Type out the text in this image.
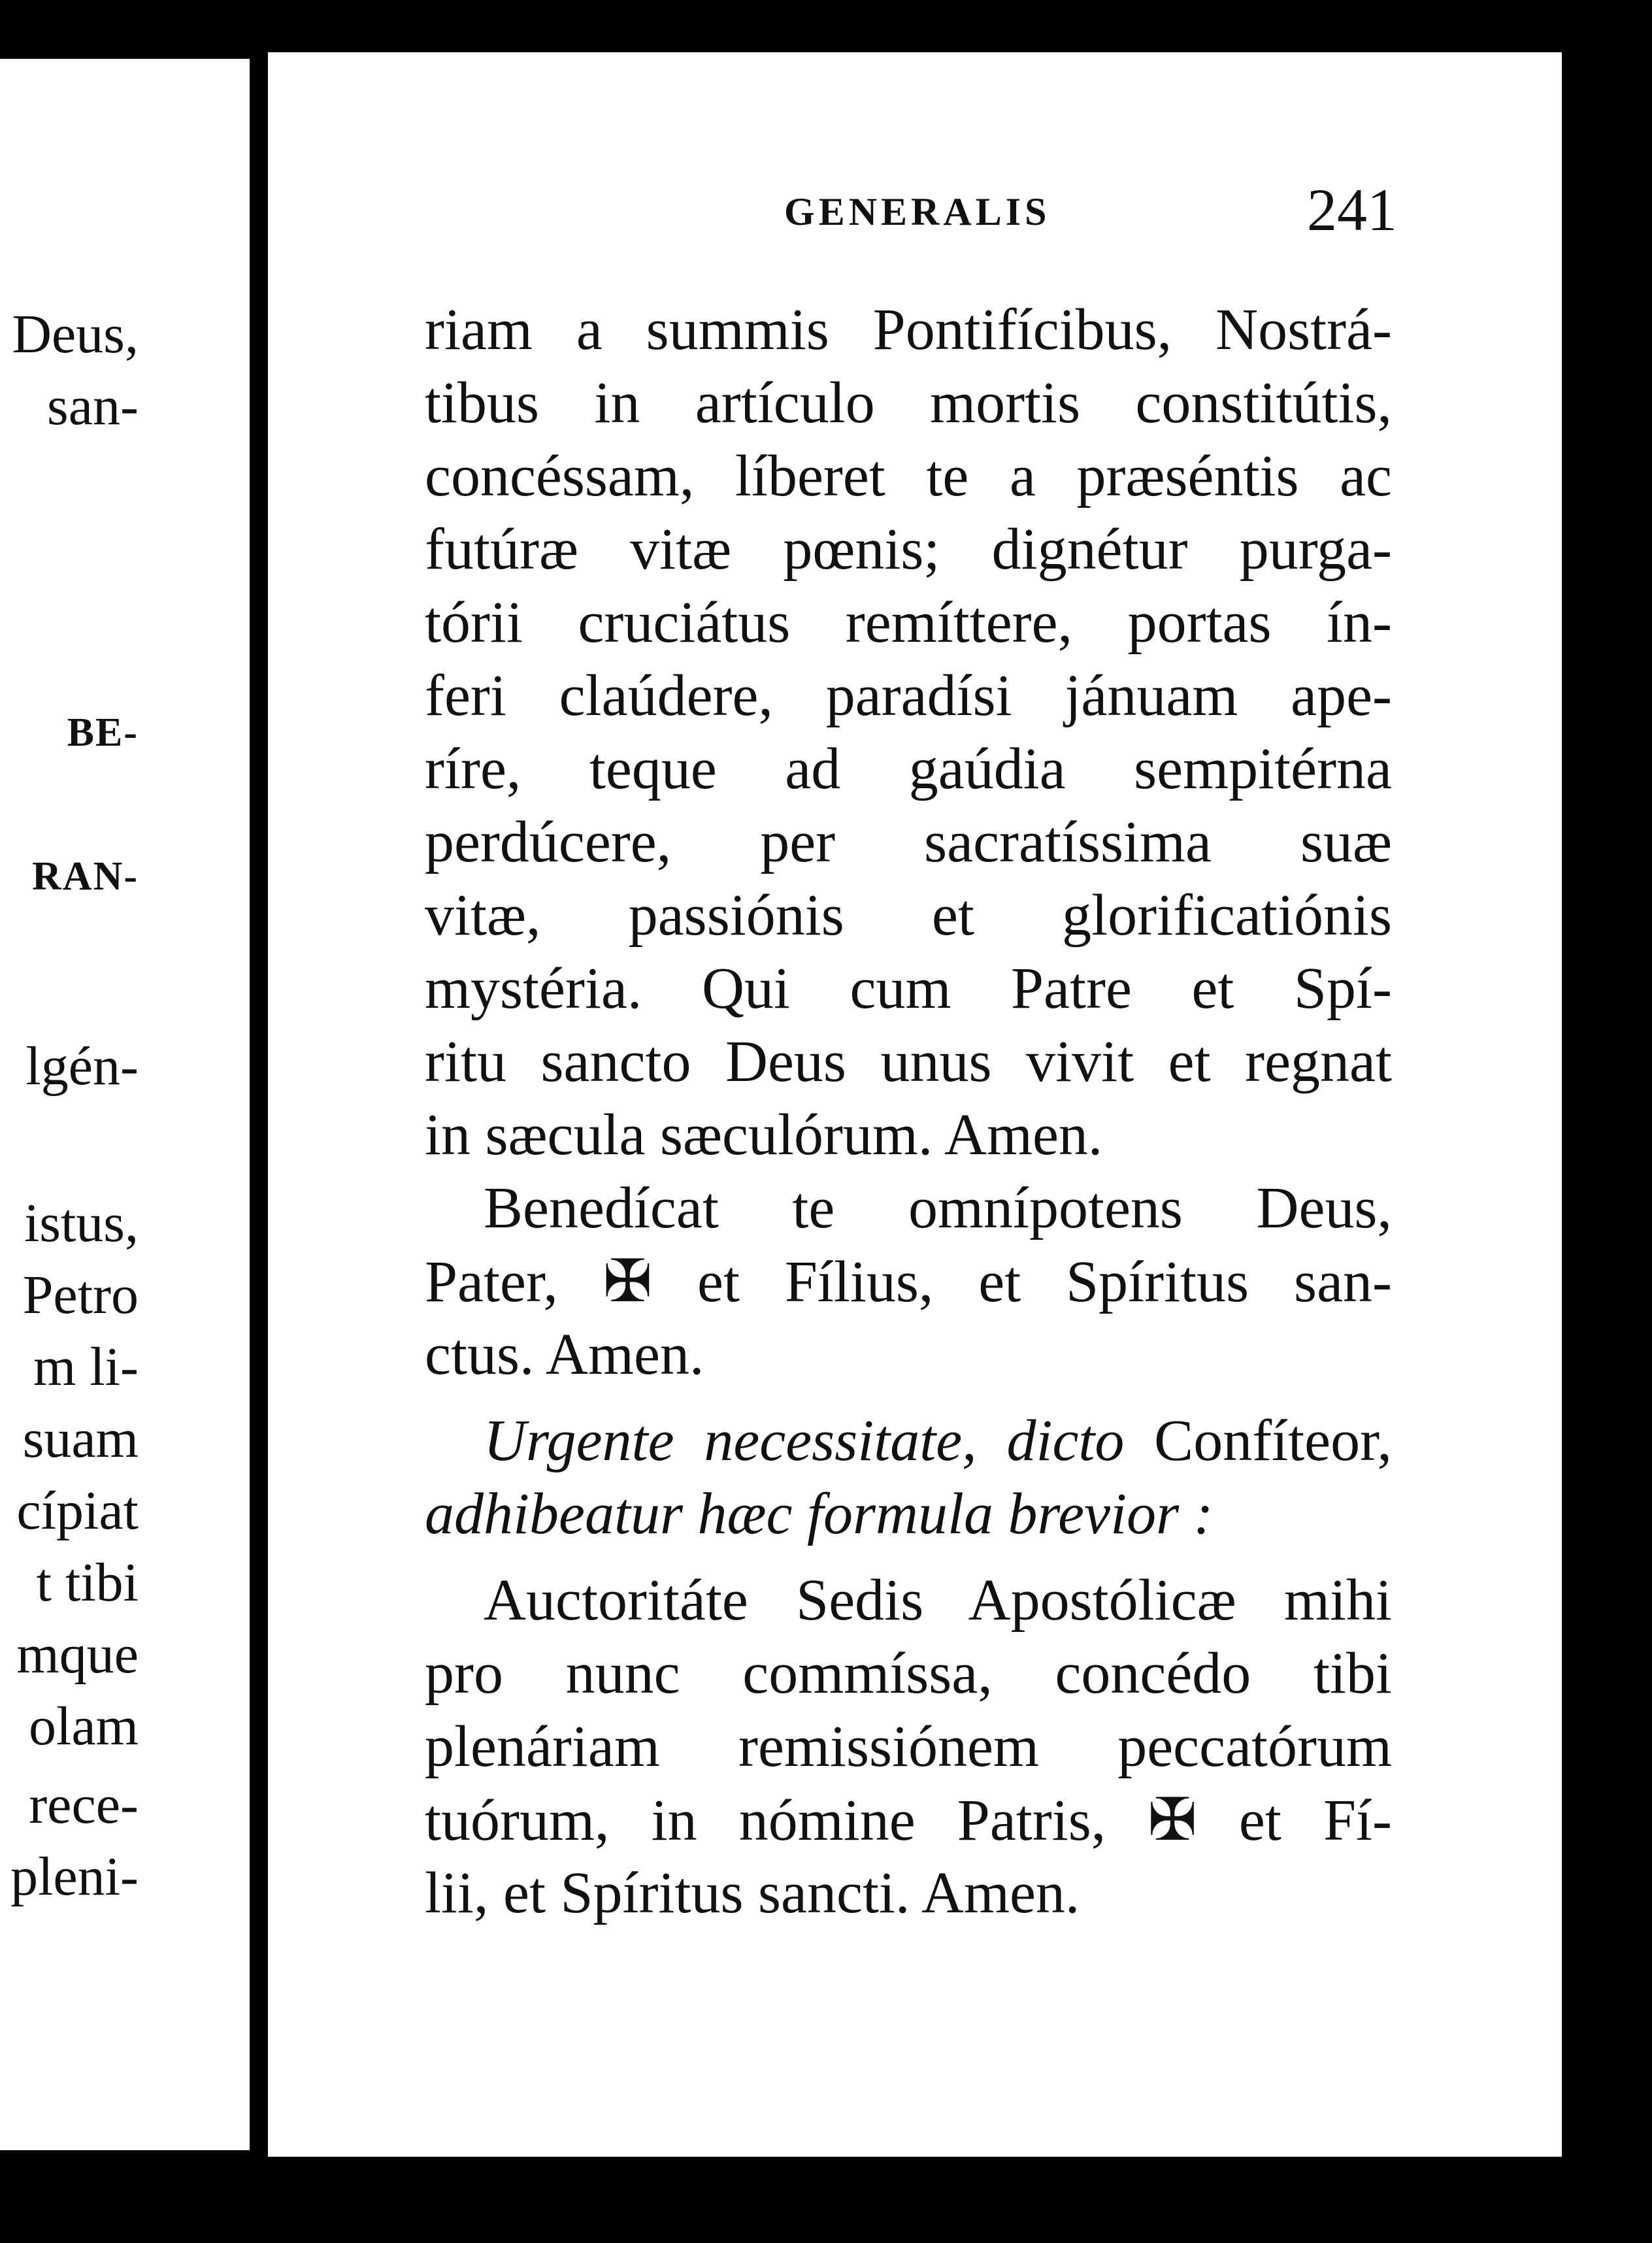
Deus,
san-
BE-
RAN-
lgén-
istus,
Petro
m li-
suam
cípiat
t tibi
mque
olam
rece-
pleni-
GENERALIS	241
riam a summis Pontifícibus, Nostrá-
tibus in artículo mortis constitútis,
concéssam, líberet te a præséntis ac
futúræ vitæ pœnis; dignétur purga-
tórii cruciátus remíttere, portas ín-
feri claúdere, paradísi jánuam ape-
ríre, teque ad gaúdia sempitérna
perdúcere, per sacratíssima suæ
vitæ, passiónis et glorificatiónis
mystéria. Qui cum Patre et Spí-
ritu sancto Deus unus vivit et regnat
in sæcula sæculórum. Amen.
Benedícat te omnípotens Deus,
Pater, ✠ et Fílius, et Spíritus san-
ctus. Amen.
Urgente necessitate, dicto Confíteor,
adhibeatur hæc formula brevior :
Auctoritáte Sedis Apostólicæ mihi
pro nunc commíssa, concédo tibi
plenáriam remissiónem peccatórum
tuórum, in nómine Patris, ✠ et Fí-
lii, et Spíritus sancti. Amen.
